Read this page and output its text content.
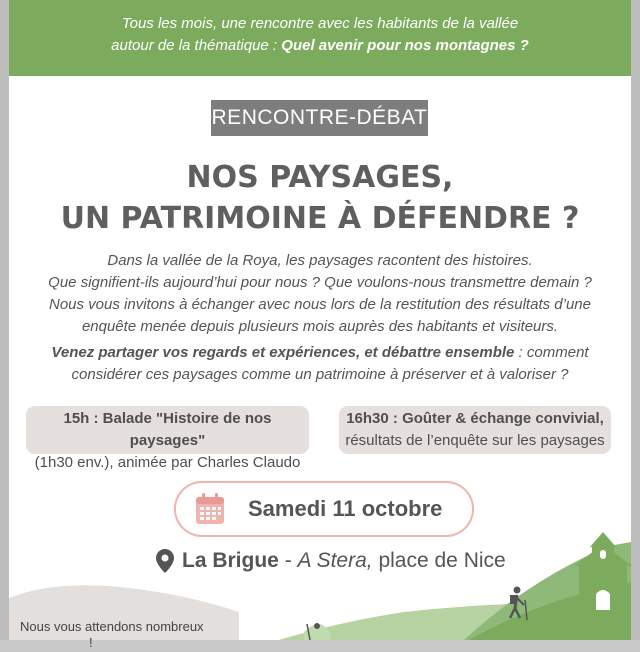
Tous les mois, une rencontre avec les habitants de la vallée
autour de la thématique : Quel avenir pour nos montagnes ?
RENCONTRE-DÉBAT
NOS PAYSAGES,
UN PATRIMOINE À DÉFENDRE ?
Dans la vallée de la Roya, les paysages racontent des histoires.
Que signifient-ils aujourd’hui pour nous ? Que voulons-nous transmettre demain ?
Nous vous invitons à échanger avec nous lors de la restitution des résultats d’une
enquête menée depuis plusieurs mois auprès des habitants et visiteurs.
Venez partager vos regards et expériences, et débattre ensemble : comment
considérer ces paysages comme un patrimoine à préserver et à valoriser ?
15h : Balade "Histoire de nos paysages"
(1h30 env.), animée par Charles Claudo
16h30 : Goûter & échange convivial,
résultats de l’enquête sur les paysages
Samedi 11 octobre
La Brigue - A Stera, place de Nice
Nous vous attendons nombreux
!
